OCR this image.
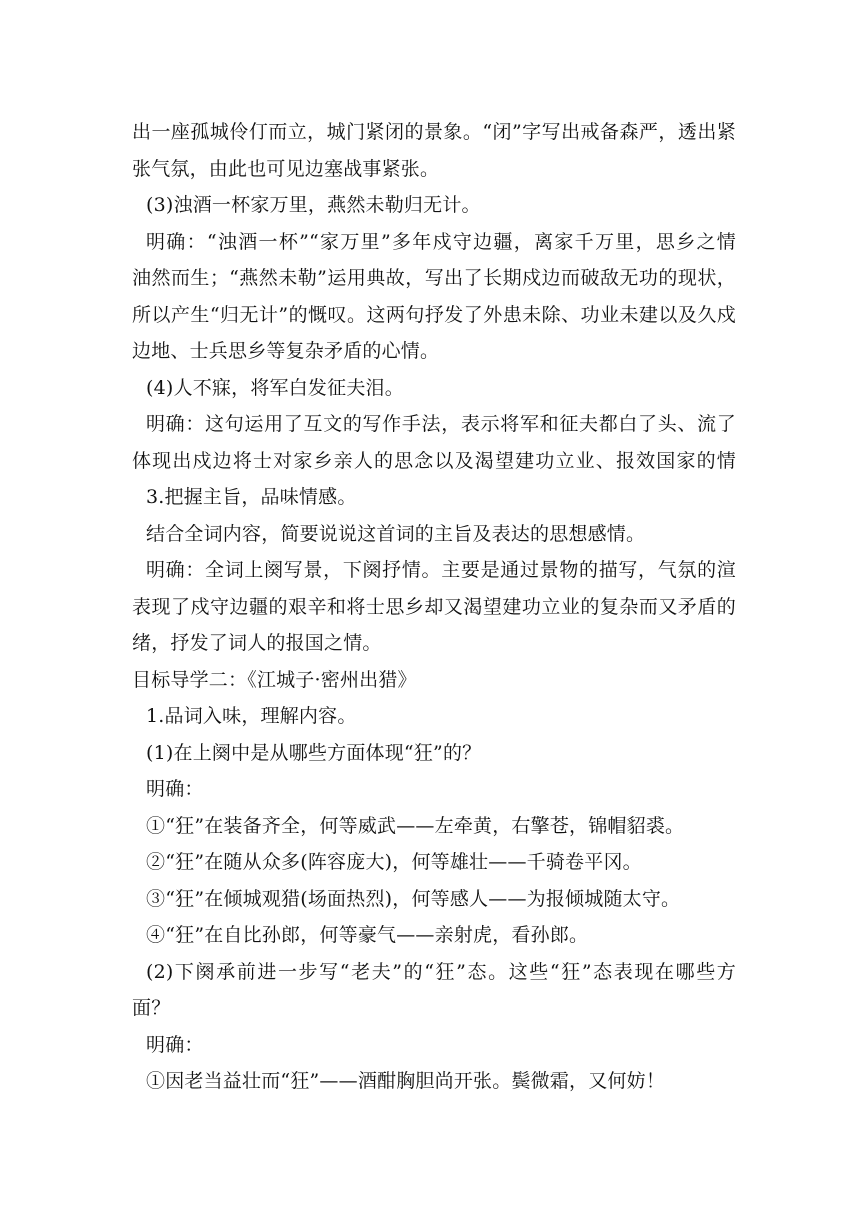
出一座孤城伶仃而立，城门紧闭的景象。“闭”字写出戒备森严，透出紧
张气氛，由此也可见边塞战事紧张。
(3)浊酒一杯家万里，燕然未勒归无计。
明确：“浊酒一杯”“家万里”多年戍守边疆，离家千万里，思乡之情
油然而生；“燕然未勒”运用典故，写出了长期戍边而破敌无功的现状，
所以产生“归无计”的慨叹。这两句抒发了外患未除、功业未建以及久戍
边地、士兵思乡等复杂矛盾的心情。
(4)人不寐，将军白发征夫泪。
明确：这句运用了互文的写作手法，表示将军和征夫都白了头、流了
体现出戍边将士对家乡亲人的思念以及渴望建功立业、报效国家的情
3.把握主旨，品味情感。
结合全词内容，简要说说这首词的主旨及表达的思想感情。
明确：全词上阕写景，下阕抒情。主要是通过景物的描写，气氛的渲
表现了戍守边疆的艰辛和将士思乡却又渴望建功立业的复杂而又矛盾的
绪，抒发了词人的报国之情。
目标导学二：《江城子·密州出猎》
1.品词入味，理解内容。
(1)在上阕中是从哪些方面体现“狂”的？
明确：
①“狂”在装备齐全，何等威武——左牵黄，右擎苍，锦帽貂裘。
②“狂”在随从众多(阵容庞大)，何等雄壮——千骑卷平冈。
③“狂”在倾城观猎(场面热烈)，何等感人——为报倾城随太守。
④“狂”在自比孙郎，何等豪气——亲射虎，看孙郎。
(2)下阕承前进一步写“老夫”的“狂”态。这些“狂”态表现在哪些方
面？
明确：
①因老当益壮而“狂”——酒酣胸胆尚开张。鬓微霜，又何妨！
